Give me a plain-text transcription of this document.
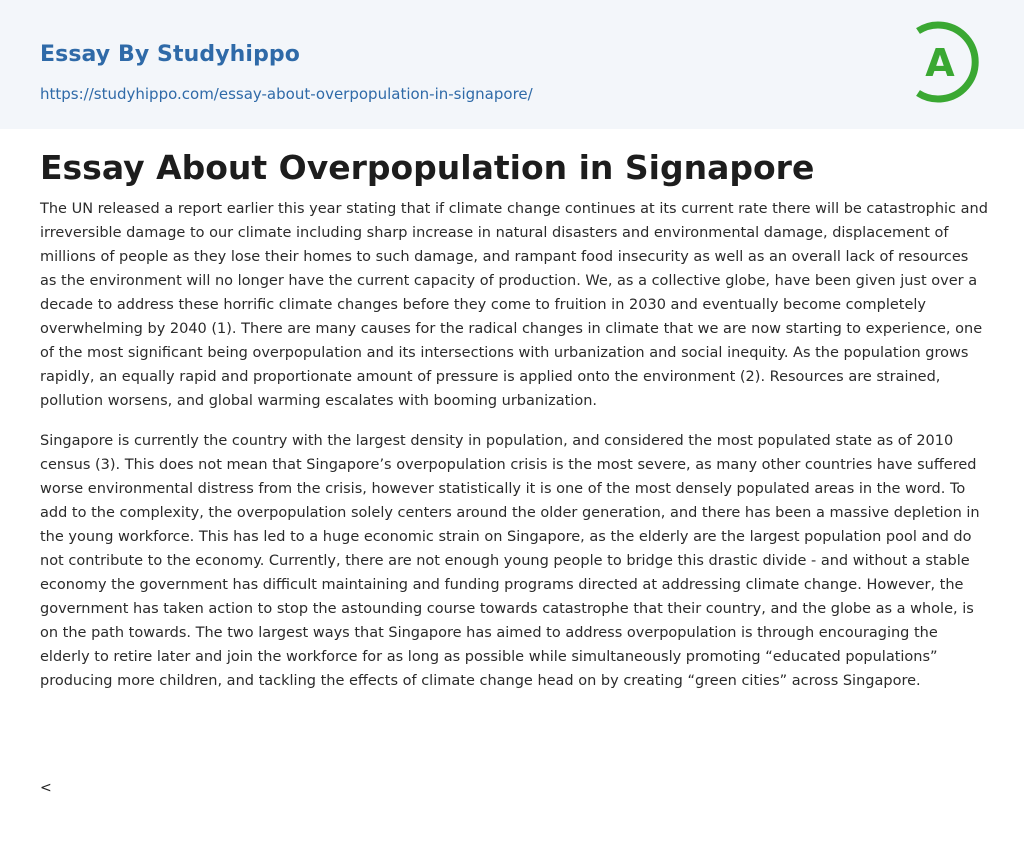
Essay By Studyhippo
https://studyhippo.com/essay-about-overpopulation-in-signapore/
A
Essay About Overpopulation in Signapore

The UN released a report earlier this year stating that if climate change continues at its current rate there will be catastrophic and irreversible damage to our climate including sharp increase in natural disasters and environmental damage, displacement of millions of people as they lose their homes to such damage, and rampant food insecurity as well as an overall lack of resources as the environment will no longer have the current capacity of production. We, as a collective globe, have been given just over a decade to address these horrific climate changes before they come to fruition in 2030 and eventually become completely overwhelming by 2040 (1). There are many causes for the radical changes in climate that we are now starting to experience, one of the most significant being overpopulation and its intersections with urbanization and social inequity. As the population grows rapidly, an equally rapid and proportionate amount of pressure is applied onto the environment (2). Resources are strained, pollution worsens, and global warming escalates with booming urbanization.

Singapore is currently the country with the largest density in population, and considered the most populated state as of 2010 census (3). This does not mean that Singapore’s overpopulation crisis is the most severe, as many other countries have suffered worse environmental distress from the crisis, however statistically it is one of the most densely populated areas in the word. To add to the complexity, the overpopulation solely centers around the older generation, and there has been a massive depletion in the young workforce. This has led to a huge economic strain on Singapore, as the elderly are the largest population pool and do not contribute to the economy. Currently, there are not enough young people to bridge this drastic divide - and without a stable economy the government has difficult maintaining and funding programs directed at addressing climate change. However, the government has taken action to stop the astounding course towards catastrophe that their country, and the globe as a whole, is on the path towards. The two largest ways that Singapore has aimed to address overpopulation is through encouraging the elderly to retire later and join the workforce for as long as possible while simultaneously promoting “educated populations” producing more children, and tackling the effects of climate change head on by creating “green cities” across Singapore.

<
